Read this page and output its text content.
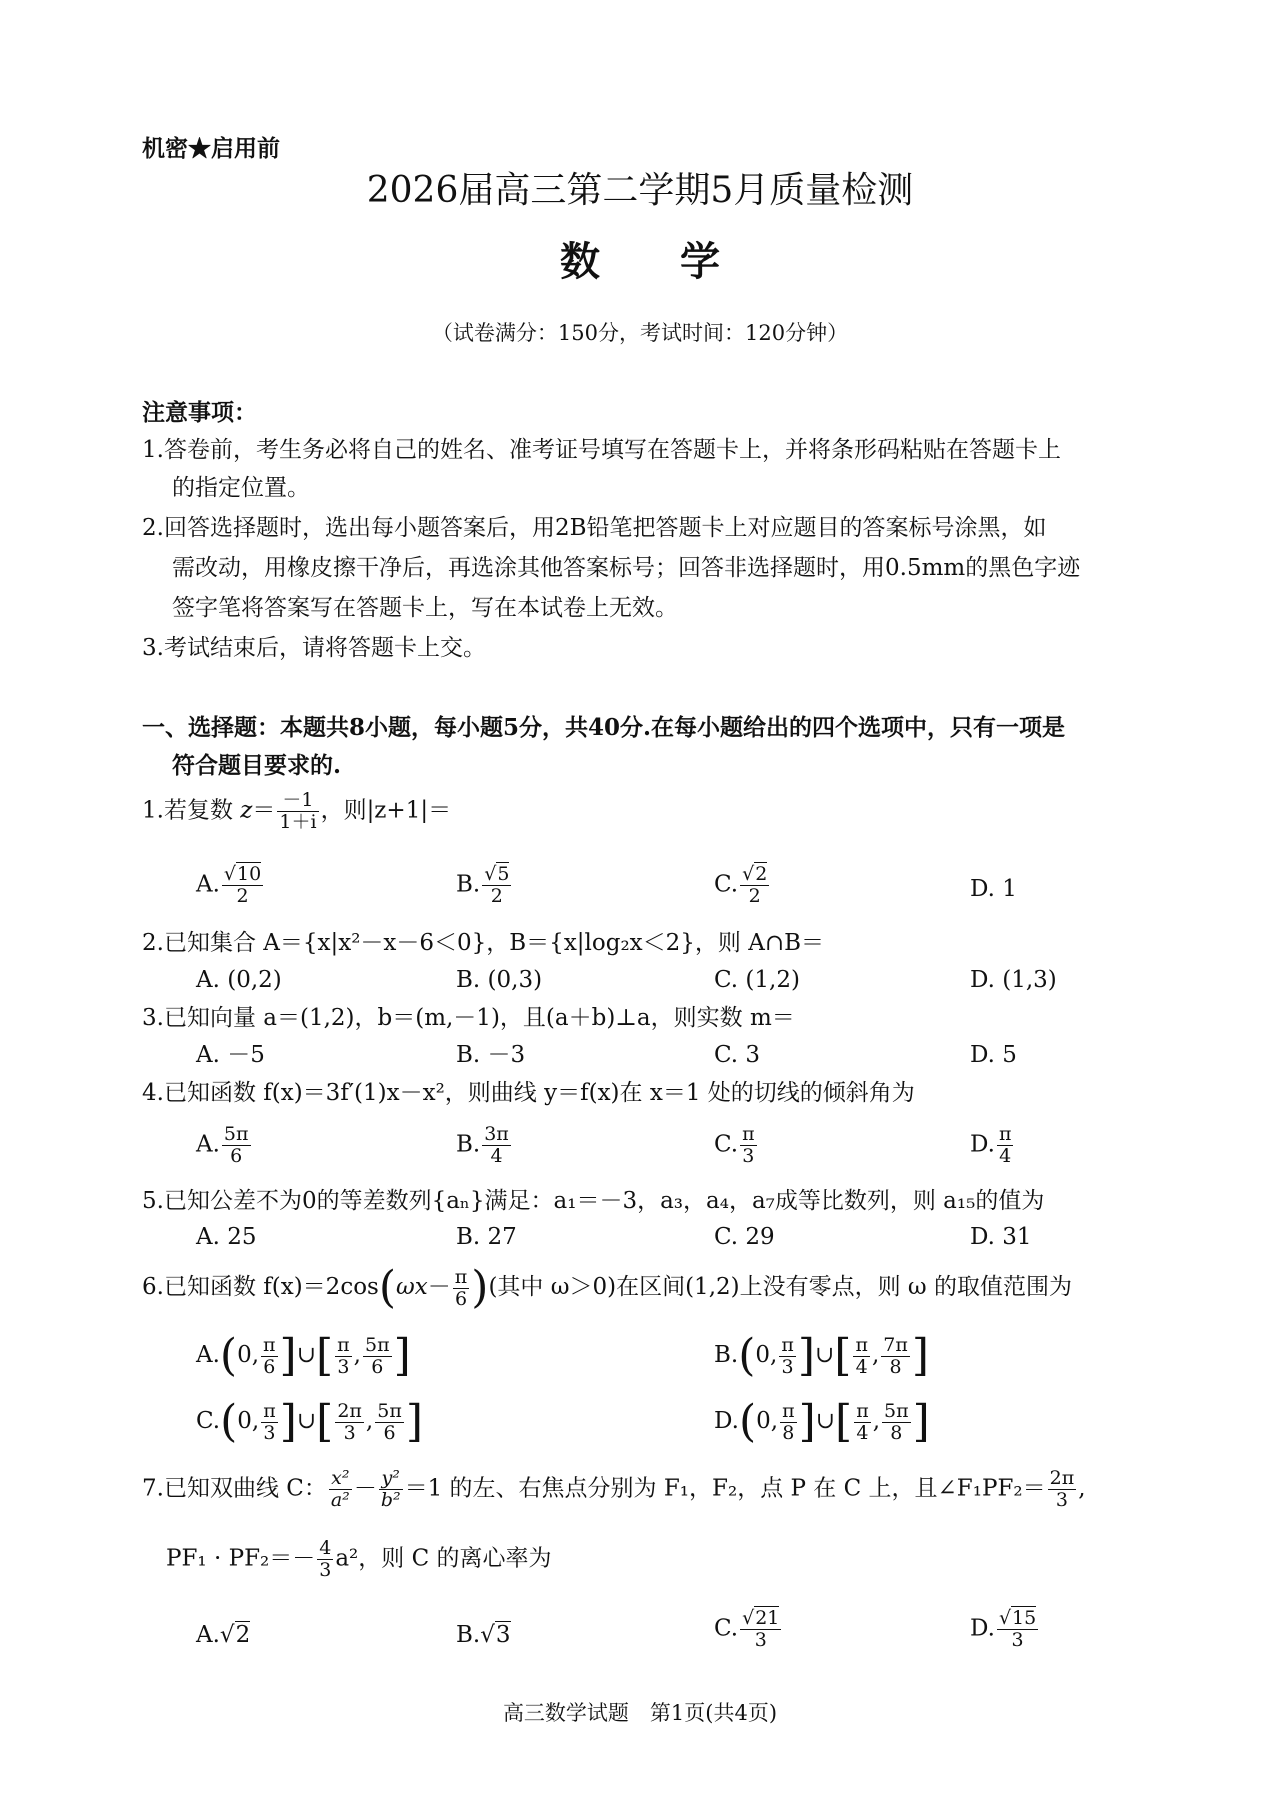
机密★启用前
2026届高三第二学期5月质量检测
数　　学
（试卷满分：150分，考试时间：120分钟）
注意事项：
1.答卷前，考生务必将自己的姓名、准考证号填写在答题卡上，并将条形码粘贴在答题卡上
的指定位置。
2.回答选择题时，选出每小题答案后，用2B铅笔把答题卡上对应题目的答案标号涂黑，如
需改动，用橡皮擦干净后，再选涂其他答案标号；回答非选择题时，用0.5mm的黑色字迹
签字笔将答案写在答题卡上，写在本试卷上无效。
3.考试结束后，请将答题卡上交。
一、选择题：本题共8小题，每小题5分，共40分.在每小题给出的四个选项中，只有一项是
符合题目要求的.
1.若复数 $z= \frac{-1}{1+i}$ ，则|z+1|＝
A. $\frac{√10}{2}$	B. $\frac{√5}{2}$	C. $\frac{√2}{2}$	D. 1
2.已知集合 A＝{x|x²－x－6＜0}，B＝{x|log₂x＜2}，则 A∩B＝
A. (0,2)	B. (0,3)	C. (1,2)	D. (1,3)
3.已知向量 a＝(1,2)，b＝(m,－1)，且(a＋b)⊥a，则实数 m＝
A. －5	B. －3	C. 3	D. 5
4.已知函数 f(x)＝3f′(1)x－x²，则曲线 y＝f(x)在 x＝1 处的切线的倾斜角为
A. $\frac{5\pi}{6}$	B. $\frac{3\pi}{4}$	C. $\frac{\pi}{3}$	D. $\frac{\pi}{4}$
5.已知公差不为0的等差数列{aₙ}满足：a₁＝－3，a₃，a₄，a₇成等比数列，则 a₁₅的值为
A. 25	B. 27	C. 29	D. 31
6.已知函数 $f(x)=2\cos(\omega x- \frac{\pi}{6}$ )(其中 ω＞0)在区间(1,2)上没有零点，则 ω 的取值范围为
A.(0, $\frac{\pi}{6}$ ]∪[ $\frac{\pi}{3}$ , $\frac{5\pi}{6}$ ]	B.(0, $\frac{\pi}{3}$ ]∪[ $\frac{\pi}{4}$ , $\frac{7\pi}{8}$ ]
C.(0, $\frac{\pi}{3}$ ]∪[ $\frac{2\pi}{3}$ , $\frac{5\pi}{6}$ ]	D.(0, $\frac{\pi}{8}$ ]∪[ $\frac{\pi}{4}$ , $\frac{5\pi}{8}$ ]
7.已知双曲线 C： $\frac{\text{x²}}{\text{a²}} - \frac{\text{y²}}{\text{b²}} =1$ 的左、右焦点分别为 F₁，F₂，点 P 在 C 上，且∠F₁PF₂＝ $\frac{2\pi}{3}$ ,
$PF_1 \cdot PF_2=- \frac{4}{3} a^2$，则 C 的离心率为
A.√2	B.√3	C. $\frac{√21}{3}$	D. $\frac{√15}{3}$
高三数学试题　第1页(共4页)
